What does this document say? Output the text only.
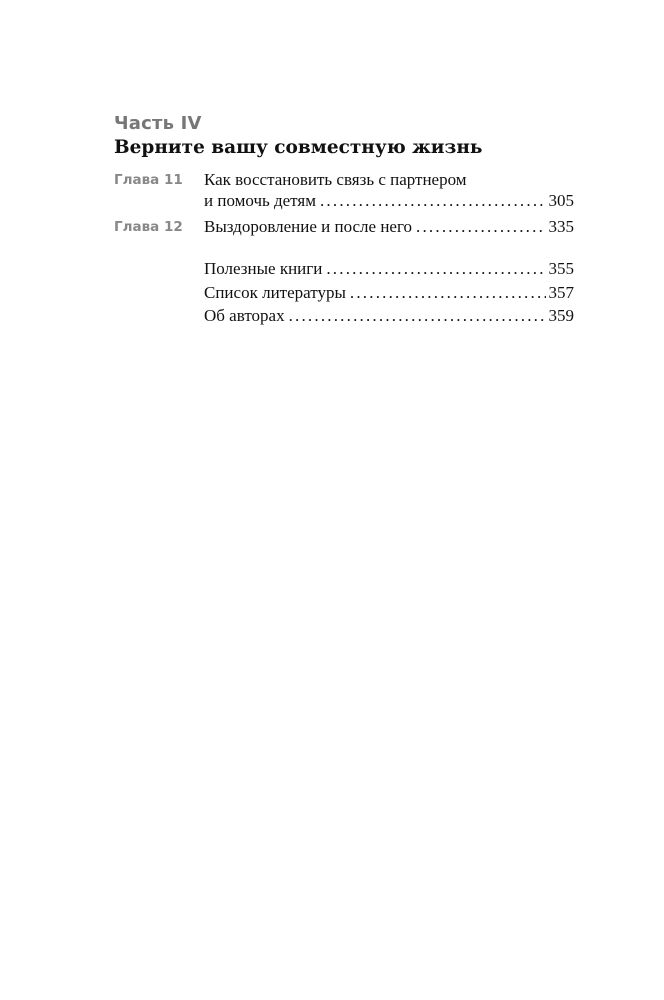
Часть IV
Верните вашу совместную жизнь
Глава 11 Как восстановить связь с партнером
и помочь детям .....	305
Глава 12 Выздоровление и после него .....	335
Полезные книги .....	355
Список литературы .....	357
Об авторах .....	359
